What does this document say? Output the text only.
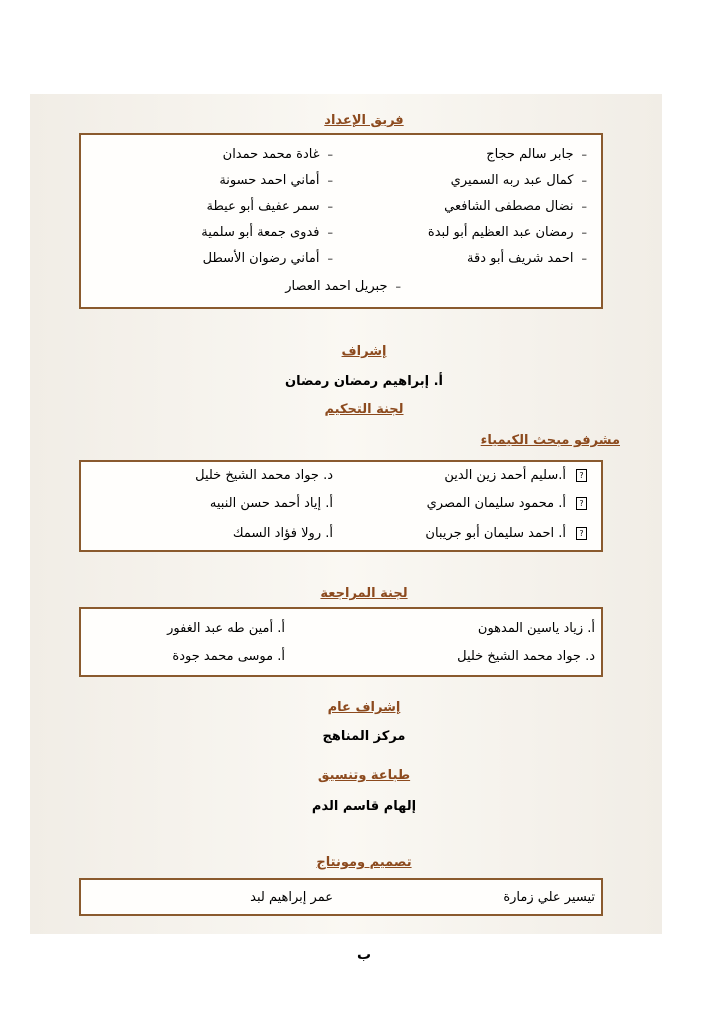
فريق الإعداد
–جابر سالم حجاج
–كمال عبد ربه السميري
–نضال مصطفى الشافعي
–رمضان عبد العظيم أبو لبدة
–احمد شريف أبو دقة
–غادة محمد حمدان
–أماني احمد حسونة
–سمر عفيف أبو عيطة
–فدوى جمعة أبو سلمية
–أماني رضوان الأسطل
–جبريل احمد العصار
إشراف
أ. إبراهيم رمضان رمضان
لجنة التحكيم
مشرفو مبحث الكيمياء
?أ.سليم أحمد زين الدين
?أ. محمود سليمان المصري
?أ. احمد سليمان أبو جريبان
د. جواد محمد الشيخ خليل
أ. إياد أحمد حسن النبيه
أ. رولا فؤاد السمك
لجنة المراجعة
أ. زياد ياسين المدهون
د. جواد محمد الشيخ خليل
أ. أمين طه عبد الغفور
أ. موسى محمد جودة
إشراف عام
مركز المناهج
طباعة وتنسيق
إلهام قاسم الدم
تصميم ومونتاج
تيسير علي زمارة
عمر إبراهيم لبد
ب
